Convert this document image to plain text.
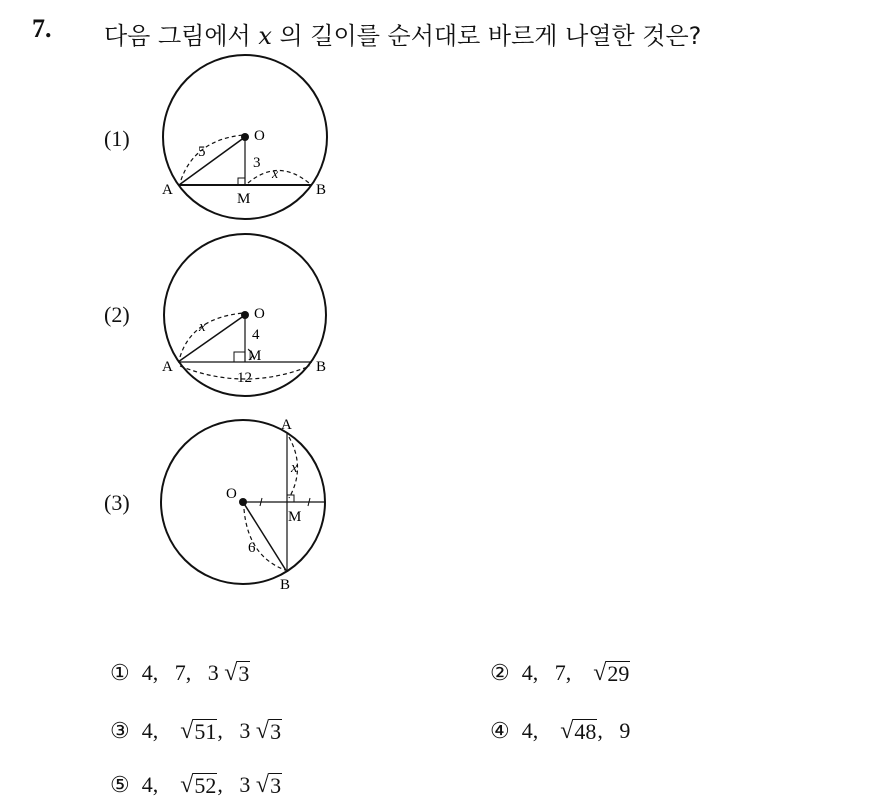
7. 다음 그림에서 x 의 길이를 순서대로 바르게 나열한 것은?
(1)	O
A	B
M
5
3
x
(2)	O
A	B
M
x	4
12
(3)	O
A
B
M
x
6
① 4,
7,
3
√ 3	② 4,
7,
√ 29
③ 4,
√ 51 , 3
√ 3	④ 4,
√ 48 , 9
⑤ 4,
√ 52 , 3
√ 3
